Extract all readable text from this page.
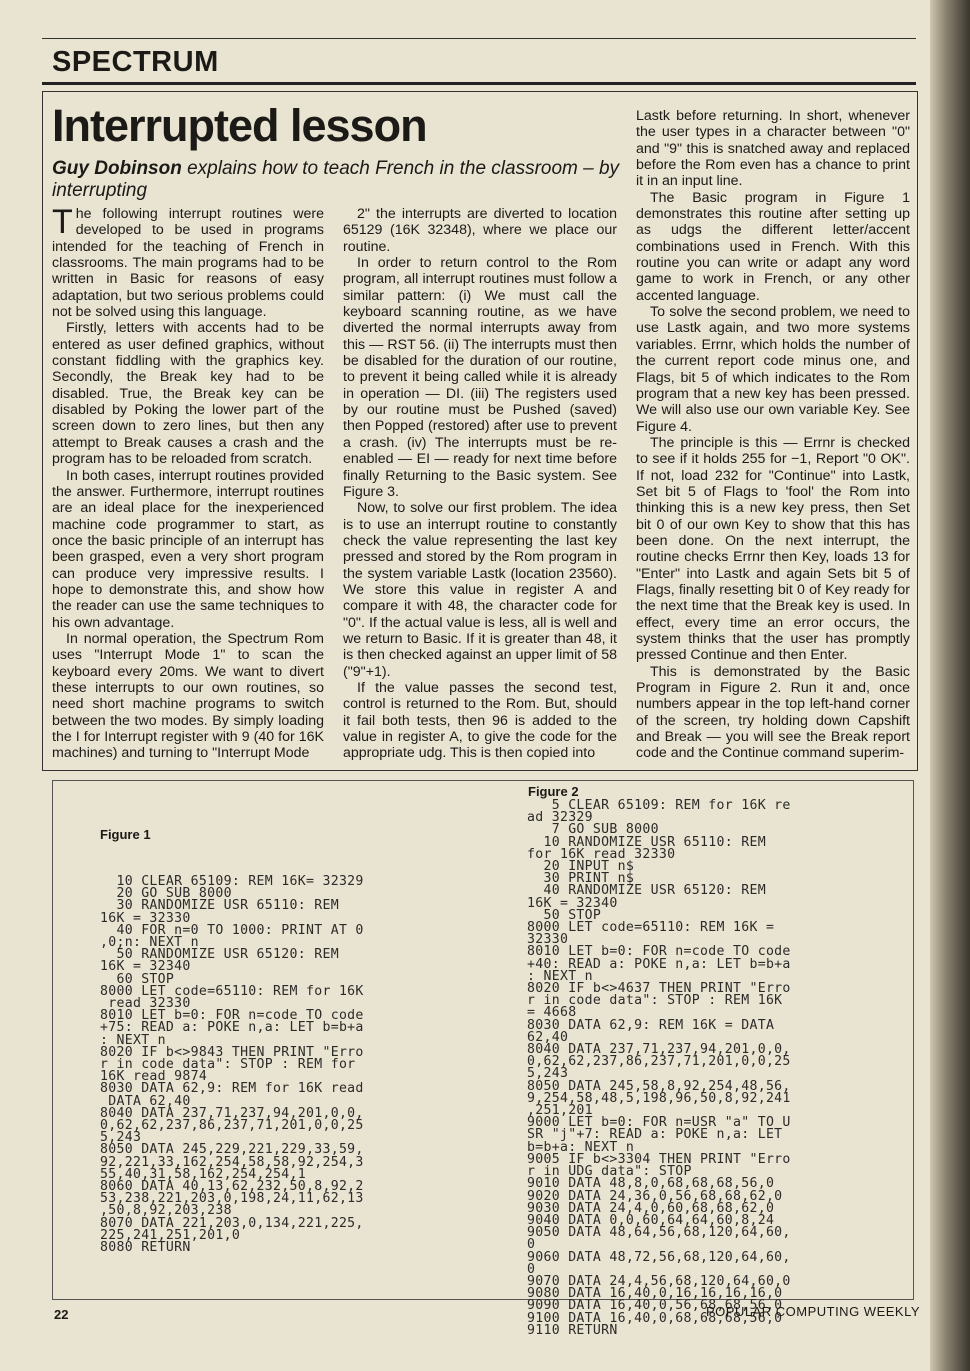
SPECTRUM
Interrupted lesson
Guy Dobinson explains how to teach French in the classroom – by interrupting

The following interrupt routines were developed to be used in programs intended for the teaching of French in classrooms. The main programs had to be written in Basic for reasons of easy adaptation, but two serious problems could not be solved using this language.

Firstly, letters with accents had to be entered as user defined graphics, without constant fiddling with the graphics key. Secondly, the Break key had to be disabled. True, the Break key can be disabled by Poking the lower part of the screen down to zero lines, but then any attempt to Break causes a crash and the program has to be reloaded from scratch.

In both cases, interrupt routines provided the answer. Furthermore, interrupt routines are an ideal place for the inexperienced machine code programmer to start, as once the basic principle of an interrupt has been grasped, even a very short program can produce very impressive results. I hope to demonstrate this, and show how the reader can use the same techniques to his own advantage.

In normal operation, the Spectrum Rom uses "Interrupt Mode 1" to scan the keyboard every 20ms. We want to divert these interrupts to our own routines, so need short machine programs to switch between the two modes. By simply loading the I for Interrupt register with 9 (40 for 16K machines) and turning to "Interrupt Mode

2" the interrupts are diverted to location 65129 (16K 32348), where we place our routine.

In order to return control to the Rom program, all interrupt routines must follow a similar pattern: (i) We must call the keyboard scanning routine, as we have diverted the normal interrupts away from this — RST 56. (ii) The interrupts must then be disabled for the duration of our routine, to prevent it being called while it is already in operation — DI. (iii) The registers used by our routine must be Pushed (saved) then Popped (restored) after use to prevent a crash. (iv) The interrupts must be re-enabled — EI — ready for next time before finally Returning to the Basic system. See Figure 3.

Now, to solve our first problem. The idea is to use an interrupt routine to constantly check the value representing the last key pressed and stored by the Rom program in the system variable Lastk (location 23560). We store this value in register A and compare it with 48, the character code for "0". If the actual value is less, all is well and we return to Basic. If it is greater than 48, it is then checked against an upper limit of 58 ("9"+1).

If the value passes the second test, control is returned to the Rom. But, should it fail both tests, then 96 is added to the value in register A, to give the code for the appropriate udg. This is then copied into

Lastk before returning. In short, whenever the user types in a character between "0" and "9" this is snatched away and replaced before the Rom even has a chance to print it in an input line.

The Basic program in Figure 1 demonstrates this routine after setting up as udgs the different letter/accent combinations used in French. With this routine you can write or adapt any word game to work in French, or any other accented language.

To solve the second problem, we need to use Lastk again, and two more systems variables. Errnr, which holds the number of the current report code minus one, and Flags, bit 5 of which indicates to the Rom program that a new key has been pressed. We will also use our own variable Key. See Figure 4.

The principle is this — Errnr is checked to see if it holds 255 for −1, Report "0 OK". If not, load 232 for "Continue" into Lastk, Set bit 5 of Flags to 'fool' the Rom into thinking this is a new key press, then Set bit 0 of our own Key to show that this has been done. On the next interrupt, the routine checks Errnr then Key, loads 13 for "Enter" into Lastk and again Sets bit 5 of Flags, finally resetting bit 0 of Key ready for the next time that the Break key is used. In effect, every time an error occurs, the system thinks that the user has promptly pressed Continue and then Enter.

This is demonstrated by the Basic Program in Figure 2. Run it and, once numbers appear in the top left-hand corner of the screen, try holding down Capshift and Break — you will see the Break report code and the Continue command superim-

Figure 1
10 CLEAR 65109: REM 16K= 32329
20 GO SUB 8000
30 RANDOMIZE USR 65110: REM
16K = 32330
40 FOR n=0 TO 1000: PRINT AT 0
,0;n: NEXT n
50 RANDOMIZE USR 65120: REM
16K = 32340
60 STOP
8000 LET code=65110: REM for 16K
read 32330
8010 LET b=0: FOR n=code TO code
+75: READ a: POKE n,a: LET b=b+a
: NEXT n
8020 IF b<>9843 THEN PRINT "Erro
r in code data": STOP : REM for
16K read 9874
8030 DATA 62,9: REM for 16K read
DATA 62,40
8040 DATA 237,71,237,94,201,0,0,
0,62,62,237,86,237,71,201,0,0,25
5,243
8050 DATA 245,229,221,229,33,59,
92,221,33,162,254,58,58,92,254,3
55,40,31,58,162,254,254,1
8060 DATA 40,13,62,232,50,8,92,2
53,238,221,203,0,198,24,11,62,13
,50,8,92,203,238
8070 DATA 221,203,0,134,221,225,
225,241,251,201,0
8080 RETURN
Figure 2
5 CLEAR 65109: REM for 16K re
ad 32329
7 GO SUB 8000
10 RANDOMIZE USR 65110: REM
for 16K read 32330
20 INPUT n$
30 PRINT n$
40 RANDOMIZE USR 65120: REM
16K = 32340
50 STOP
8000 LET code=65110: REM 16K =
32330
8010 LET b=0: FOR n=code TO code
+40: READ a: POKE n,a: LET b=b+a
: NEXT n
8020 IF b<>4637 THEN PRINT "Erro
r in code data": STOP : REM 16K
= 4668
8030 DATA 62,9: REM 16K = DATA
62,40
8040 DATA 237,71,237,94,201,0,0,
0,62,62,237,86,237,71,201,0,0,25
5,243
8050 DATA 245,58,8,92,254,48,56,
9,254,58,48,5,198,96,50,8,92,241
,251,201
9000 LET b=0: FOR n=USR "a" TO U
SR "j"+7: READ a: POKE n,a: LET
b=b+a: NEXT n
9005 IF b<>3304 THEN PRINT "Erro
r in UDG data": STOP
9010 DATA 48,8,0,68,68,68,56,0
9020 DATA 24,36,0,56,68,68,62,0
9030 DATA 24,4,0,60,68,68,62,0
9040 DATA 0,0,60,64,64,60,8,24
9050 DATA 48,64,56,68,120,64,60,
0
9060 DATA 48,72,56,68,120,64,60,
0
9070 DATA 24,4,56,68,120,64,60,0
9080 DATA 16,40,0,16,16,16,16,0
9090 DATA 16,40,0,56,68,68,56,0
9100 DATA 16,40,0,68,68,68,56,0
9110 RETURN
22	POPULAR COMPUTING WEEKLY
